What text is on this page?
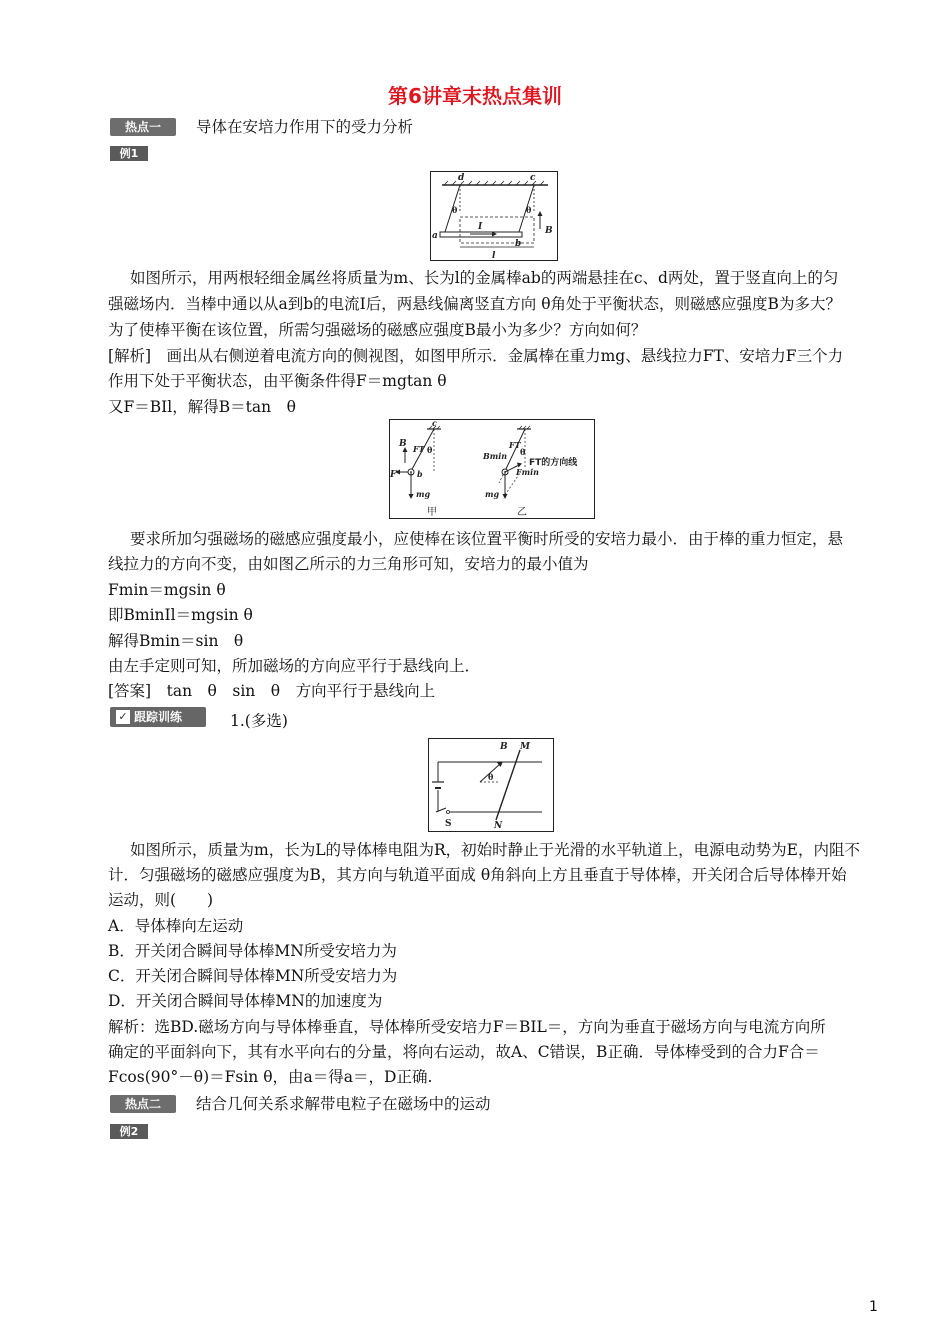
第6讲章末热点集训
热点一	导体在安培力作用下的受力分析
例1
d	c
a
b
I	B
l
θ	θ
如图所示，用两根轻细金属丝将质量为m、长为l的金属棒ab的两端悬挂在c、d两处，置于竖直向上的匀
强磁场内．当棒中通以从a到b的电流I后，两悬线偏离竖直方向 θ角处于平衡状态，则磁感应强度B为多大？
为了使棒平衡在该位置，所需匀强磁场的磁感应强度B最小为多少？方向如何？
[解析]　画出从右侧逆着电流方向的侧视图，如图甲所示．金属棒在重力mg、悬线拉力FT、安培力F三个力
作用下处于平衡状态，由平衡条件得F＝mgtan θ
又F＝BIl，解得B＝tan　θ
c
B FT θ
F	b
mg
甲
Bmin
FT
θ
Fmin
FT的方向线
mg
乙
要求所加匀强磁场的磁感应强度最小，应使棒在该位置平衡时所受的安培力最小．由于棒的重力恒定，悬
线拉力的方向不变，由如图乙所示的力三角形可知，安培力的最小值为
Fmin＝mgsin θ
即BminIl＝mgsin θ
解得Bmin＝sin　θ
由左手定则可知，所加磁场的方向应平行于悬线向上．
[答案]　tan　θ　sin　θ　方向平行于悬线向上
✓ 跟踪训练	1.(多选)
B M
θ
S	N
如图所示，质量为m，长为L的导体棒电阻为R，初始时静止于光滑的水平轨道上，电源电动势为E，内阻不
计．匀强磁场的磁感应强度为B，其方向与轨道平面成 θ角斜向上方且垂直于导体棒，开关闭合后导体棒开始
运动，则(　　)
A．导体棒向左运动
B．开关闭合瞬间导体棒MN所受安培力为
C．开关闭合瞬间导体棒MN所受安培力为
D．开关闭合瞬间导体棒MN的加速度为
解析：选BD.磁场方向与导体棒垂直，导体棒所受安培力F＝BIL＝，方向为垂直于磁场方向与电流方向所
确定的平面斜向下，其有水平向右的分量，将向右运动，故A、C错误，B正确．导体棒受到的合力F合＝
Fcos(90°－θ)＝Fsin θ，由a＝得a＝，D正确.
热点二	结合几何关系求解带电粒子在磁场中的运动
例2
1
